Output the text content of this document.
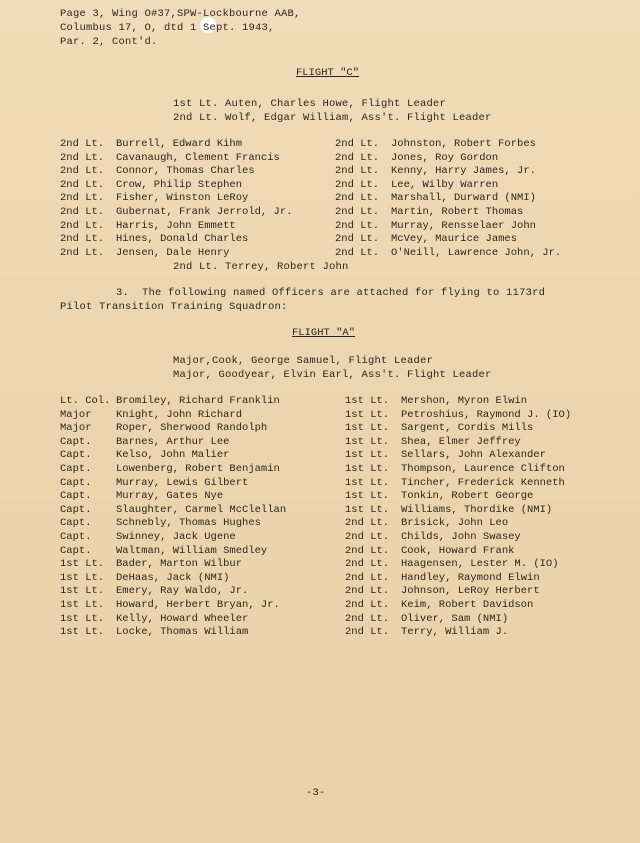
Page 3, Wing O#37,SPW-Lockbourne AAB,
Columbus 17, O, dtd 1 Sept. 1943,
Par. 2, Cont'd.
FLIGHT "C"
1st Lt. Auten, Charles Howe, Flight Leader
2nd Lt. Wolf, Edgar William, Ass't. Flight Leader
2nd Lt. Burrell, Edward Kihm
2nd Lt. Cavanaugh, Clement Francis
2nd Lt. Connor, Thomas Charles
2nd Lt. Crow, Philip Stephen
2nd Lt. Fisher, Winston LeRoy
2nd Lt. Gubernat, Frank Jerrold, Jr.
2nd Lt. Harris, John Emmett
2nd Lt. Hines, Donald Charles
2nd Lt. Jensen, Dale Henry
2nd Lt. Johnston, Robert Forbes
2nd Lt. Jones, Roy Gordon
2nd Lt. Kenny, Harry James, Jr.
2nd Lt. Lee, Wilby Warren
2nd Lt. Marshall, Durward (NMI)
2nd Lt. Martin, Robert Thomas
2nd Lt. Murray, Rensselaer John
2nd Lt. McVey, Maurice James
2nd Lt. O'Neill, Lawrence John, Jr.
2nd Lt. Terrey, Robert John
3.  The following named Officers are attached for flying to 1173rd
Pilot Transition Training Squadron:
FLIGHT "A"
Major,Cook, George Samuel, Flight Leader
Major, Goodyear, Elvin Earl, Ass't. Flight Leader
Lt. Col. Bromiley, Richard Franklin
Major Knight, John Richard
Major Roper, Sherwood Randolph
Capt. Barnes, Arthur Lee
Capt. Kelso, John Malier
Capt. Lowenberg, Robert Benjamin
Capt. Murray, Lewis Gilbert
Capt. Murray, Gates Nye
Capt. Slaughter, Carmel McClellan
Capt. Schnebly, Thomas Hughes
Capt. Swinney, Jack Ugene
Capt. Waltman, William Smedley
1st Lt. Bader, Marton Wilbur
1st Lt. DeHaas, Jack (NMI)
1st Lt. Emery, Ray Waldo, Jr.
1st Lt. Howard, Herbert Bryan, Jr.
1st Lt. Kelly, Howard Wheeler
1st Lt. Locke, Thomas William
1st Lt. Mershon, Myron Elwin
1st Lt. Petroshius, Raymond J. (IO)
1st Lt. Sargent, Cordis Mills
1st Lt. Shea, Elmer Jeffrey
1st Lt. Sellars, John Alexander
1st Lt. Thompson, Laurence Clifton
1st Lt. Tincher, Frederick Kenneth
1st Lt. Tonkin, Robert George
1st Lt. Williams, Thordike (NMI)
2nd Lt. Brisick, John Leo
2nd Lt. Childs, John Swasey
2nd Lt. Cook, Howard Frank
2nd Lt. Haagensen, Lester M. (IO)
2nd Lt. Handley, Raymond Elwin
2nd Lt. Johnson, LeRoy Herbert
2nd Lt. Keim, Robert Davidson
2nd Lt. Oliver, Sam (NMI)
2nd Lt. Terry, William J.
-3-
